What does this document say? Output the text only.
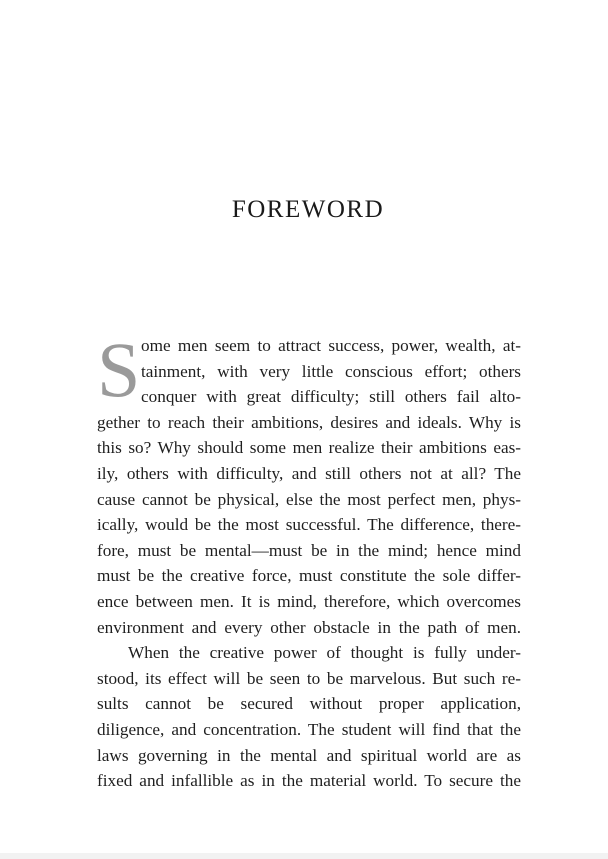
FOREWORD
S ome men seem to attract success, power, wealth, at-
tainment, with very little conscious effort; others
conquer with great difficulty; still others fail alto-
gether to reach their ambitions, desires and ideals. Why is
this so? Why should some men realize their ambitions eas-
ily, others with difficulty, and still others not at all? The
cause cannot be physical, else the most perfect men, phys-
ically, would be the most successful. The difference, there-
fore, must be mental—must be in the mind; hence mind
must be the creative force, must constitute the sole differ-
ence between men. It is mind, therefore, which overcomes
environment and every other obstacle in the path of men.

When the creative power of thought is fully under-
stood, its effect will be seen to be marvelous. But such re-
sults cannot be secured without proper application,
diligence, and concentration. The student will find that the
laws governing in the mental and spiritual world are as
fixed and infallible as in the material world. To secure the
